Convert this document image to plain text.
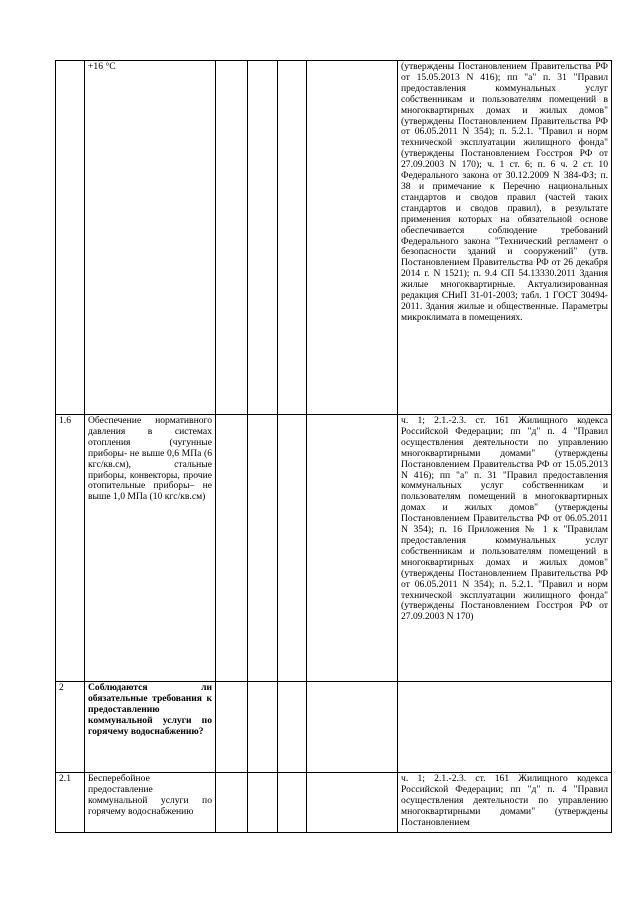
	+16 °C					(утверждены Постановлением Правительства РФ от 15.05.2013 N 416); пп "а" п. 31 "Правил предоставления коммунальных услуг собственникам и пользователям помещений в многоквартирных домах и жилых домов" (утверждены Постановлением Правительства РФ от 06.05.2011 N 354); п. 5.2.1. "Правил и норм технической эксплуатации жилищного фонда" (утверждены Постановлением Госстроя РФ от 27.09.2003 N 170); ч. 1 ст. 6; п. 6 ч. 2 ст. 10 Федерального закона от 30.12.2009 N 384-ФЗ; п. 38 и примечание к Перечню национальных стандартов и сводов правил (частей таких стандартов и сводов правил), в результате применения которых на обязательной основе обеспечивается соблюдение требований Федерального закона "Технический регламент о безопасности зданий и сооружений" (утв. Постановлением Правительства РФ от 26 декабря 2014 г. N 1521); п. 9.4 СП 54.13330.2011 Здания жилые многоквартирные. Актуализированная редакция СНиП 31-01-2003; табл. 1 ГОСТ 30494-2011. Здания жилые и общественные. Параметры микроклимата в помещениях.
1.6	Обеспечение нормативного давления в системах отопления (чугунные приборы- не выше 0,6 МПа (6 кгс/кв.см), стальные приборы, конвекторы, прочие отопительные приборы– не выше 1,0 МПа (10 кгс/кв.см)					ч. 1; 2.1.-2.3. ст. 161 Жилищного кодекса Российской Федерации; пп "д" п. 4 "Правил осуществления деятельности по управлению многоквартирными домами" (утверждены Постановлением Правительства РФ от 15.05.2013 N 416); пп "а" п. 31 "Правил предоставления коммунальных услуг собственникам и пользователям помещений в многоквартирных домах и жилых домов" (утверждены Постановлением Правительства РФ от 06.05.2011 N 354); п. 16 Приложения № 1 к "Правилам предоставления коммунальных услуг собственникам и пользователям помещений в многоквартирных домах и жилых домов" (утверждены Постановлением Правительства РФ от 06.05.2011 N 354); п. 5.2.1. "Правил и норм технической эксплуатации жилищного фонда" (утверждены Постановлением Госстроя РФ от 27.09.2003 N 170)
2	Соблюдаются ли обязательные требования к предоставлению коммунальной услуги по горячему водоснабжению?					
2.1	Бесперебойное предоставление коммунальной услуги по горячему водоснабжению					ч. 1; 2.1.-2.3. ст. 161 Жилищного кодекса Российской Федерации; пп "д" п. 4 "Правил осуществления деятельности по управлению многоквартирными домами" (утверждены Постановлением
